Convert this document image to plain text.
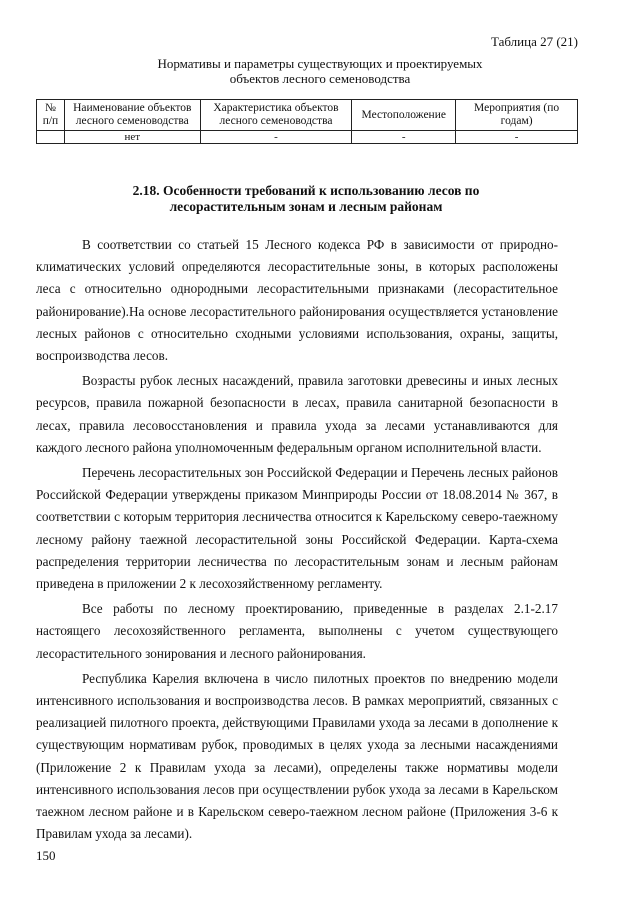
Таблица 27 (21)
Нормативы и параметры существующих и проектируемых
объектов лесного семеноводства
№ п/п	Наименование объектов лесного семеноводства	Характеристика объектов лесного семеноводства	Местоположение	Мероприятия (по годам)
	нет	-	-	-
2.18. Особенности требований к использованию лесов по
лесорастительным зонам и лесным районам

В соответствии со статьей 15 Лесного кодекса РФ в зависимости от природно-климатических условий определяются лесорастительные зоны, в которых расположены леса с относительно однородными лесорастительными признаками (лесорастительное районирование).На основе лесорастительного районирования осуществляется установление лесных районов с относительно сходными условиями использования, охраны, защиты, воспроизводства лесов.

Возрасты рубок лесных насаждений, правила заготовки древесины и иных лесных ресурсов, правила пожарной безопасности в лесах, правила санитарной безопасности в лесах, правила лесовосстановления и правила ухода за лесами устанавливаются для каждого лесного района уполномоченным федеральным органом исполнительной власти.

Перечень лесорастительных зон Российской Федерации и Перечень лесных районов Российской Федерации утверждены приказом Минприроды России от 18.08.2014 № 367, в соответствии с которым территория лесничества относится к Карельскому северо-таежному лесному району таежной лесорастительной зоны Российской Федерации. Карта-схема распределения территории лесничества по лесорастительным зонам и лесным районам приведена в приложении 2 к лесохозяйственному регламенту.

Все работы по лесному проектированию, приведенные в разделах 2.1-2.17 настоящего лесохозяйственного регламента, выполнены с учетом существующего лесорастительного зонирования и лесного районирования.

Республика Карелия включена в число пилотных проектов по внедрению модели интенсивного использования и воспроизводства лесов. В рамках мероприятий, связанных с реализацией пилотного проекта, действующими Правилами ухода за лесами в дополнение к существующим нормативам рубок, проводимых в целях ухода за лесными насаждениями (Приложение 2 к Правилам ухода за лесами), определены также нормативы модели интенсивного использования лесов при осуществлении рубок ухода за лесами в Карельском таежном лесном районе и в Карельском северо-таежном лесном районе (Приложения 3-6 к Правилам ухода за лесами).

150
